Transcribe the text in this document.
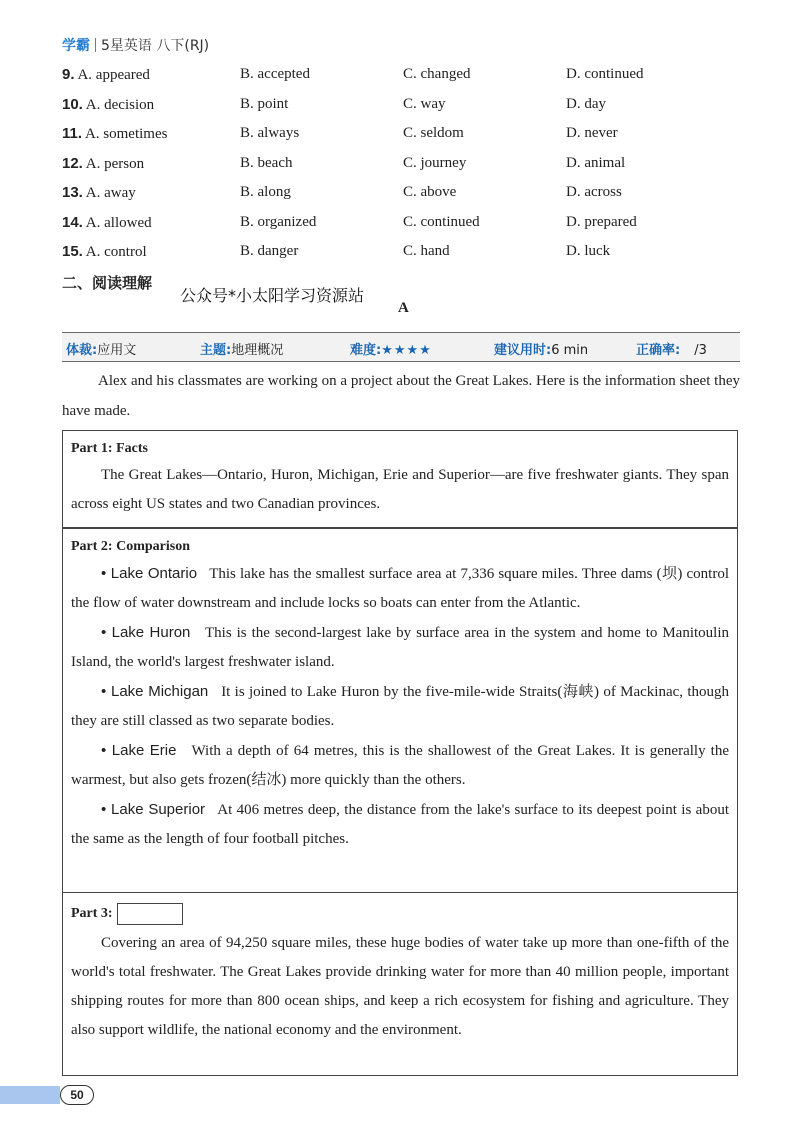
学霸 5星英语 八下(RJ)
9. A. appeared	B. accepted	C. changed	D. continued
10. A. decision	B. point	C. way	D. day
11. A. sometimes	B. always	C. seldom	D. never
12. A. person	B. beach	C. journey	D. animal
13. A. away	B. along	C. above	D. across
14. A. allowed	B. organized	C. continued	D. prepared
15. A. control	B. danger	C. hand	D. luck
二、阅读理解
公众号*小太阳学习资源站
A
体裁:应用文	主题:地理概况	难度:★★★★	建议用时:6 min	正确率: /3
Alex and his classmates are working on a project about the Great Lakes. Here is the information sheet they have made.
Part 1: Facts

The Great Lakes—Ontario, Huron, Michigan, Erie and Superior—are five freshwater giants. They span across eight US states and two Canadian provinces.

Part 2: Comparison

• Lake Ontario This lake has the smallest surface area at 7,336 square miles. Three dams (坝) control the flow of water downstream and include locks so boats can enter from the Atlantic.

• Lake Huron This is the second-largest lake by surface area in the system and home to Manitoulin Island, the world's largest freshwater island.

• Lake Michigan It is joined to Lake Huron by the five-mile-wide Straits(海峡) of Mackinac, though they are still classed as two separate bodies.

• Lake Erie With a depth of 64 metres, this is the shallowest of the Great Lakes. It is generally the warmest, but also gets frozen(结冰) more quickly than the others.

• Lake Superior At 406 metres deep, the distance from the lake's surface to its deepest point is about the same as the length of four football pitches.

Part 3:

Covering an area of 94,250 square miles, these huge bodies of water take up more than one-fifth of the world's total freshwater. The Great Lakes provide drinking water for more than 40 million people, important shipping routes for more than 800 ocean ships, and keep a rich ecosystem for fishing and agriculture. They also support wildlife, the national economy and the environment.

50
